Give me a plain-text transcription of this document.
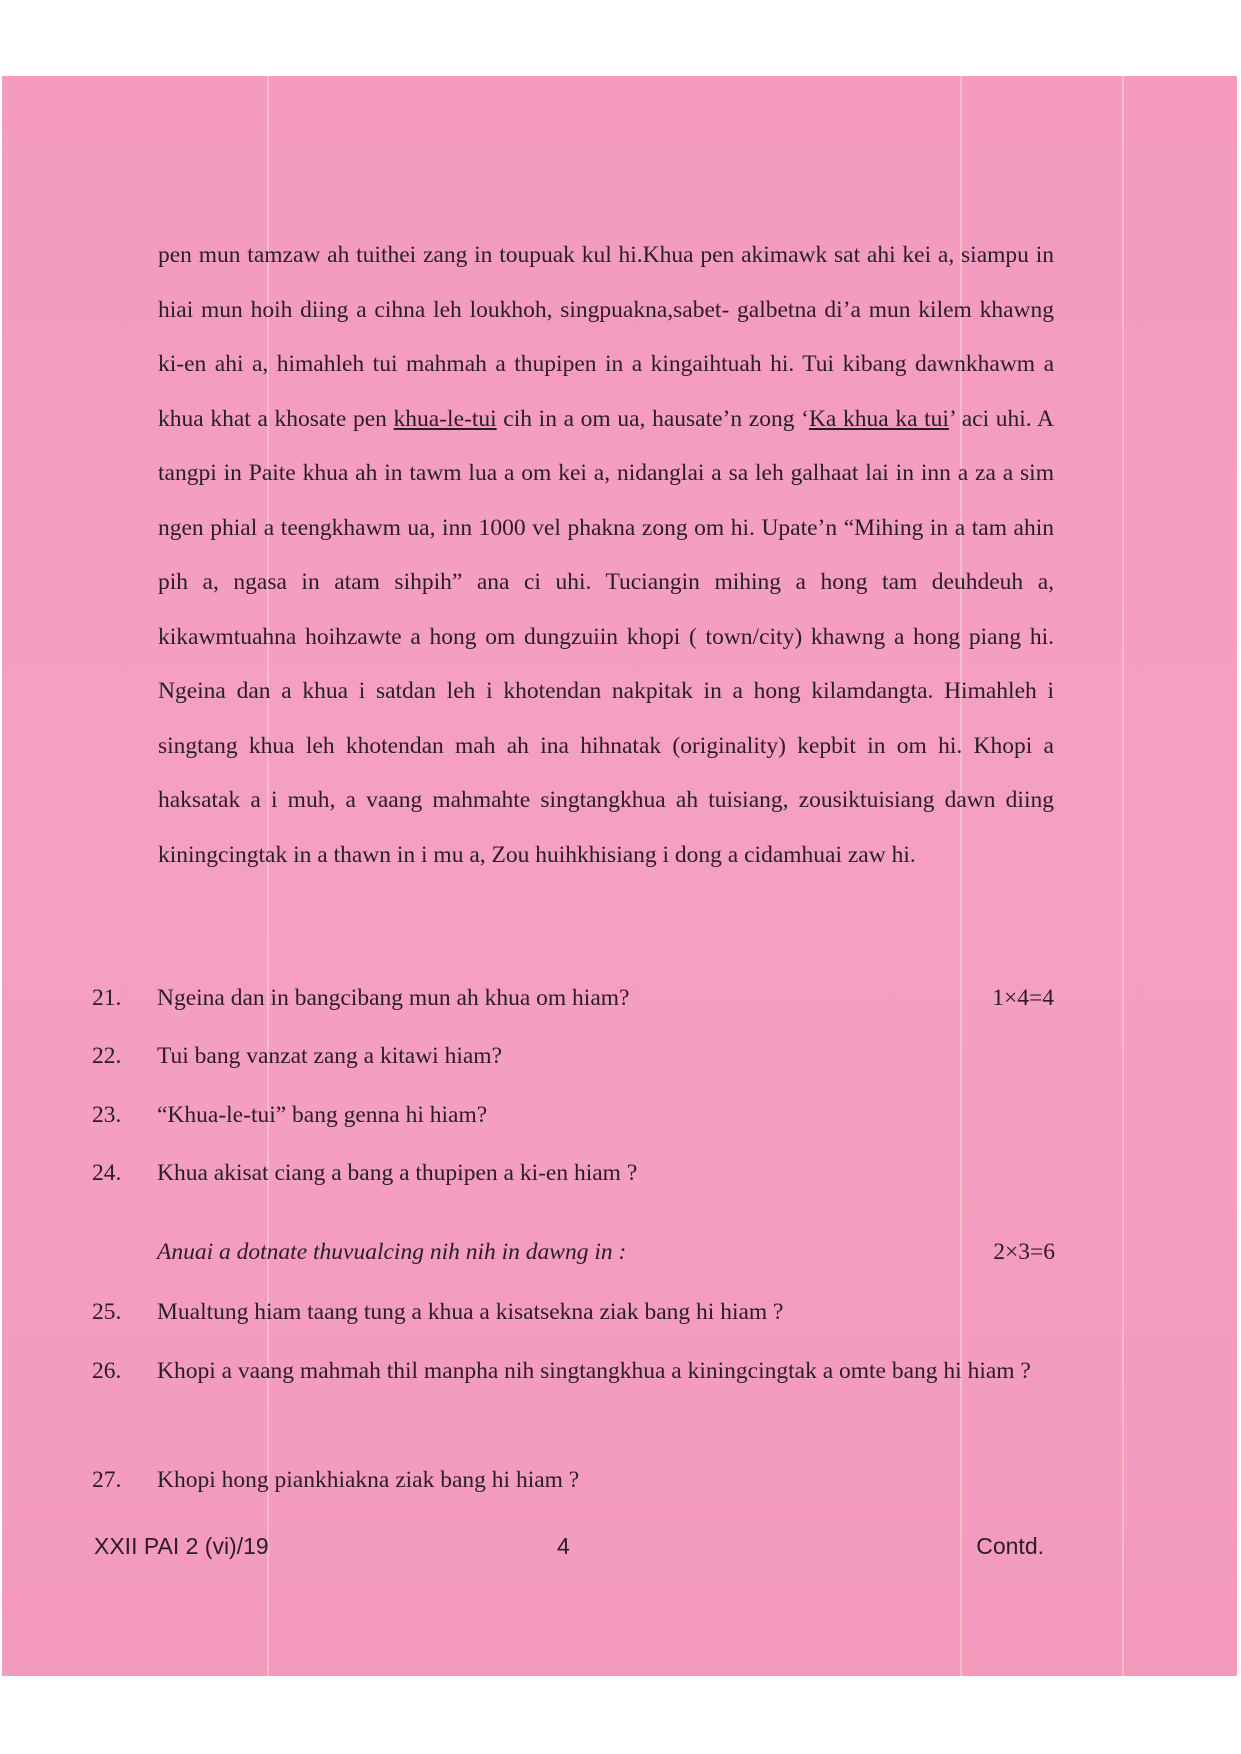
pen mun tamzaw ah tuithei zang in toupuak kul hi.Khua pen akimawk sat ahi kei a, siampu in hiai mun hoih diing a cihna leh loukhoh, singpuakna,sabet- galbetna di’a mun kilem khawng ki-en ahi a, himahleh tui mahmah a thupipen in a kingaihtuah hi. Tui kibang dawnkhawm a khua khat a khosate pen khua-le-tui cih in a om ua, hausate’n zong ‘Ka khua ka tui’ aci uhi. A tangpi in Paite khua ah in tawm lua a om kei a, nidanglai a sa leh galhaat lai in inn a za a sim ngen phial a teengkhawm ua, inn 1000 vel phakna zong om hi. Upate’n “Mihing in a tam ahin pih a, ngasa in atam sihpih” ana ci uhi. Tuciangin mihing a hong tam deuhdeuh a, kikawmtuahna hoihzawte a hong om dungzuiin khopi ( town/city) khawng a hong piang hi. Ngeina dan a khua i satdan leh i khotendan nakpitak in a hong kilamdangta. Himahleh i singtang khua leh khotendan mah ah ina hihnatak (originality) kepbit in om hi. Khopi a haksatak a i muh, a vaang mahmahte singtangkhua ah tuisiang, zousiktuisiang dawn diing kiningcingtak in a thawn in i mu a, Zou huihkhisiang i dong a cidamhuai zaw hi.

21.	Ngeina dan in bangcibang mun ah khua om hiam?	1×4=4
22.	Tui bang vanzat zang a kitawi hiam?
23.	“Khua-le-tui” bang genna hi hiam?
24.	Khua akisat ciang a bang a thupipen a ki-en hiam ?
Anuai a dotnate thuvualcing nih nih in dawng in :	2×3=6
25.	Mualtung hiam taang tung a khua a kisatsekna ziak bang hi hiam ?
26.	Khopi a vaang mahmah thil manpha nih singtangkhua a kiningcingtak a omte bang hi hiam ?
27.	Khopi hong piankhiakna ziak bang hi hiam ?
XXII PAI 2 (vi)/19	4	Contd.
